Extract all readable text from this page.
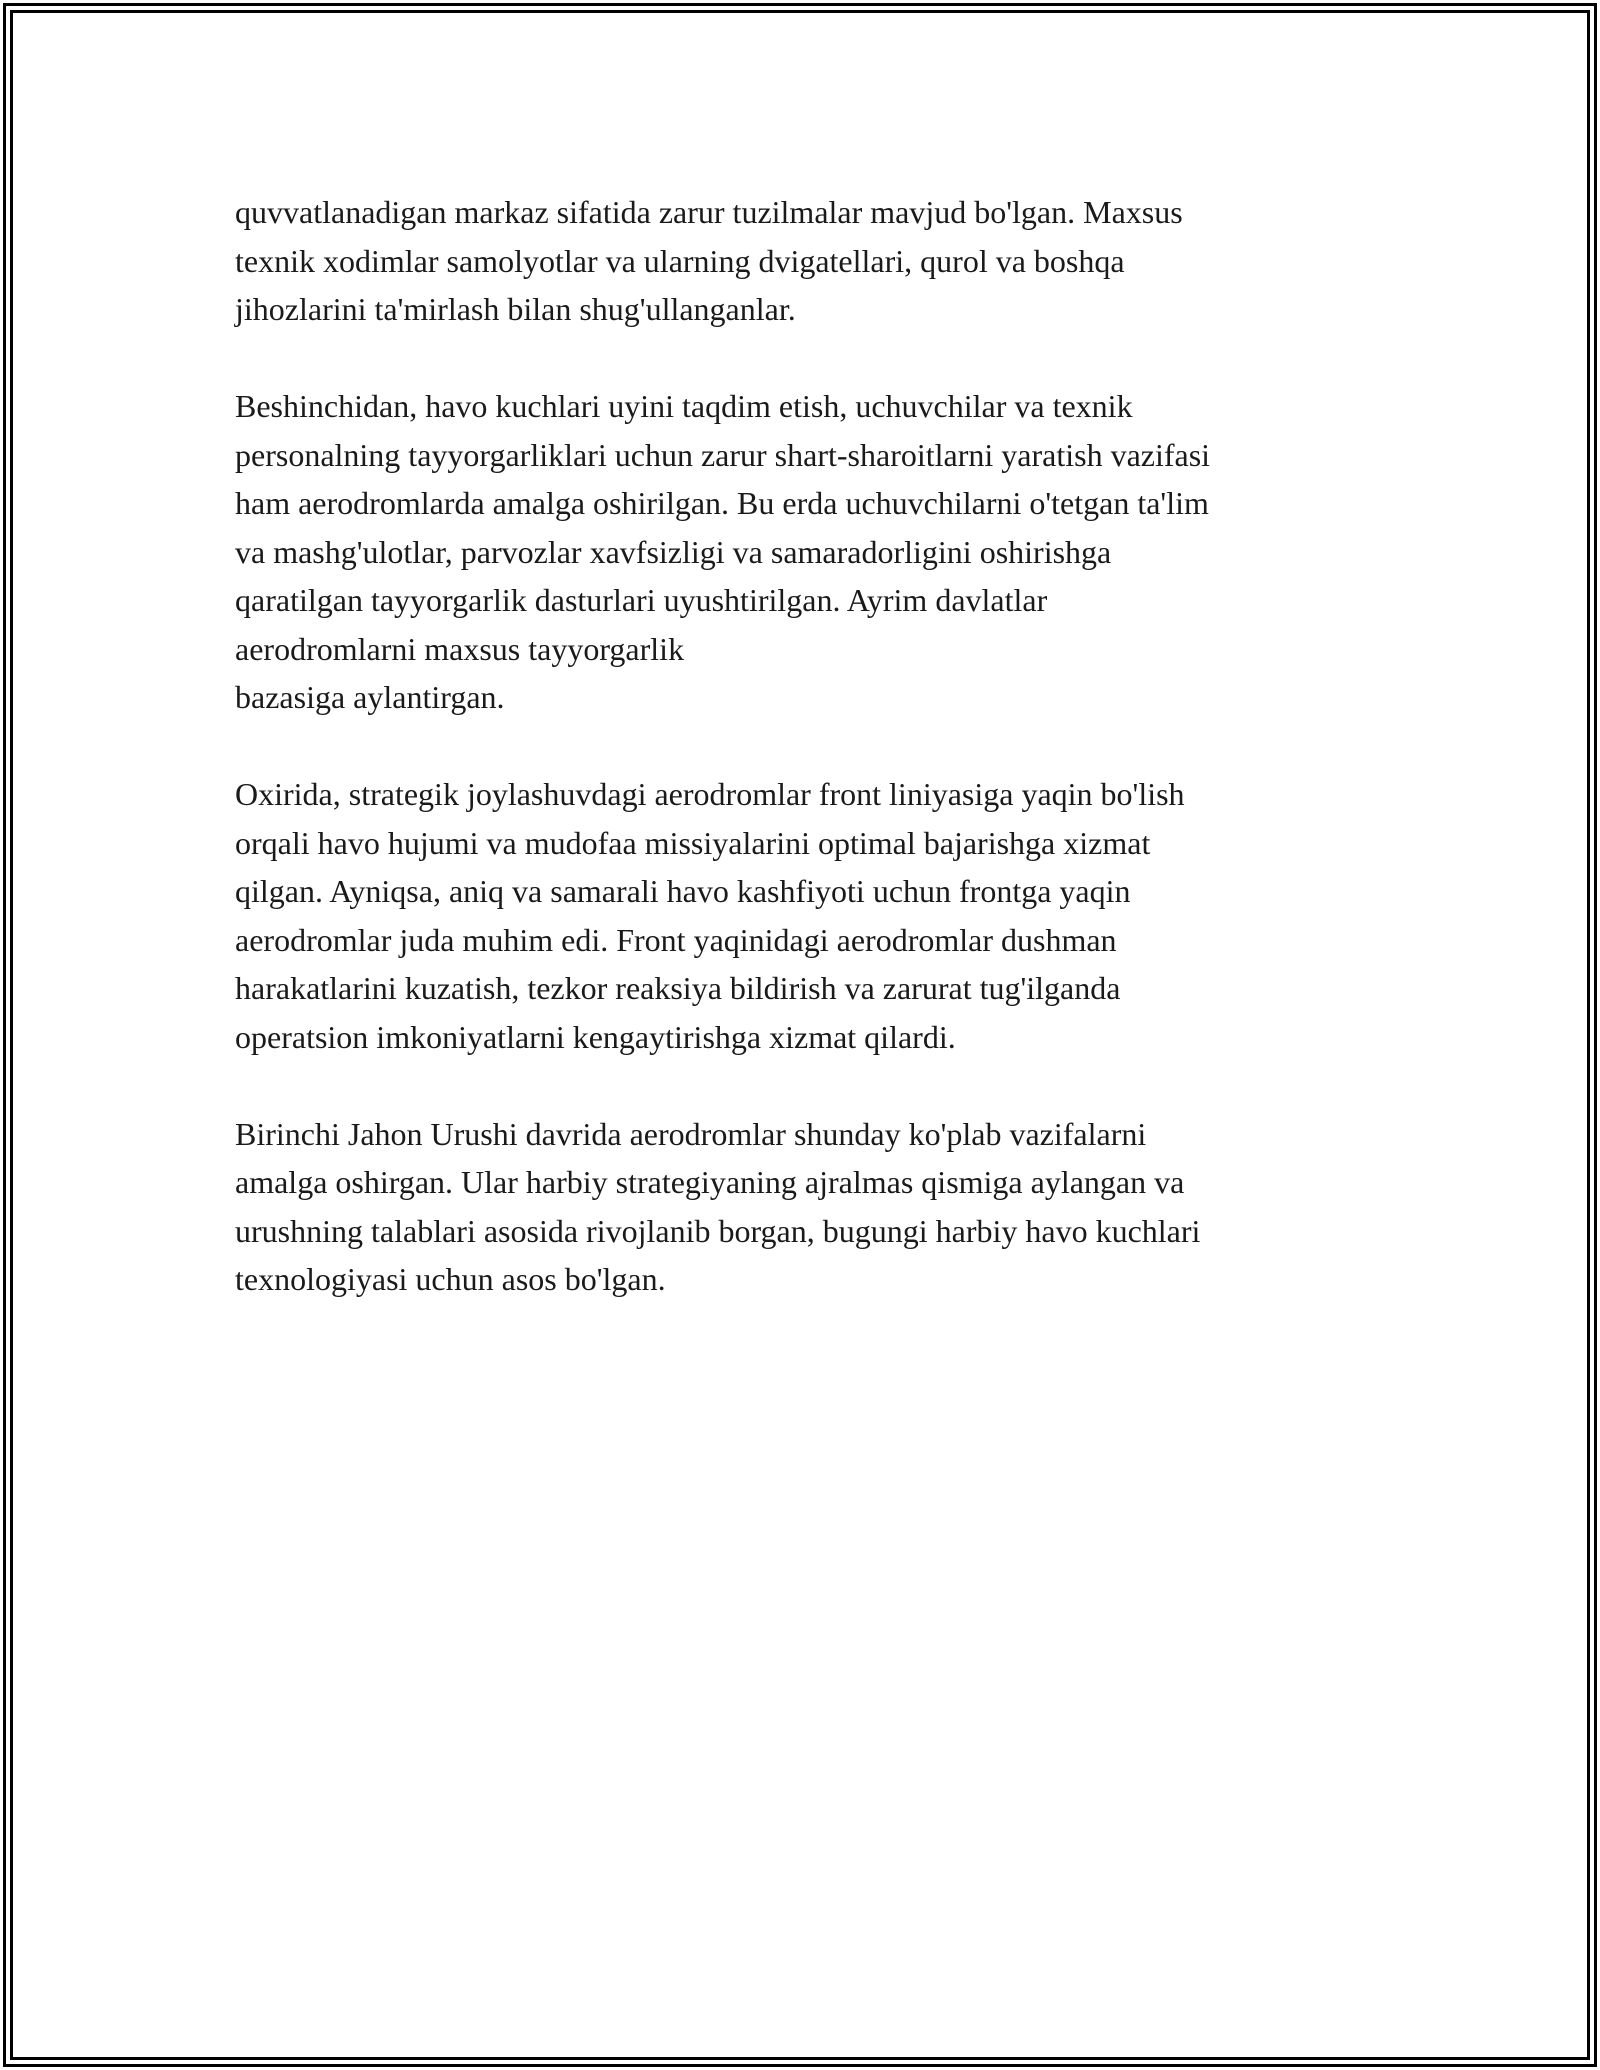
quvvatlanadigan markaz sifatida zarur tuzilmalar mavjud bo'lgan. Maxsus
texnik xodimlar samolyotlar va ularning dvigatellari, qurol va boshqa
jihozlarini ta'mirlash bilan shug'ullanganlar.

Beshinchidan, havo kuchlari uyini taqdim etish, uchuvchilar va texnik
personalning tayyorgarliklari uchun zarur shart-sharoitlarni yaratish vazifasi
ham aerodromlarda amalga oshirilgan. Bu erda uchuvchilarni o'tetgan ta'lim
va mashg'ulotlar, parvozlar xavfsizligi va samaradorligini oshirishga
qaratilgan tayyorgarlik dasturlari uyushtirilgan. Ayrim davlatlar
aerodromlarni maxsus tayyorgarlik
bazasiga aylantirgan.

Oxirida, strategik joylashuvdagi aerodromlar front liniyasiga yaqin bo'lish
orqali havo hujumi va mudofaa missiyalarini optimal bajarishga xizmat
qilgan. Ayniqsa, aniq va samarali havo kashfiyoti uchun frontga yaqin
aerodromlar juda muhim edi. Front yaqinidagi aerodromlar dushman
harakatlarini kuzatish, tezkor reaksiya bildirish va zarurat tug'ilganda
operatsion imkoniyatlarni kengaytirishga xizmat qilardi.

Birinchi Jahon Urushi davrida aerodromlar shunday ko'plab vazifalarni
amalga oshirgan. Ular harbiy strategiyaning ajralmas qismiga aylangan va
urushning talablari asosida rivojlanib borgan, bugungi harbiy havo kuchlari
texnologiyasi uchun asos bo'lgan.
